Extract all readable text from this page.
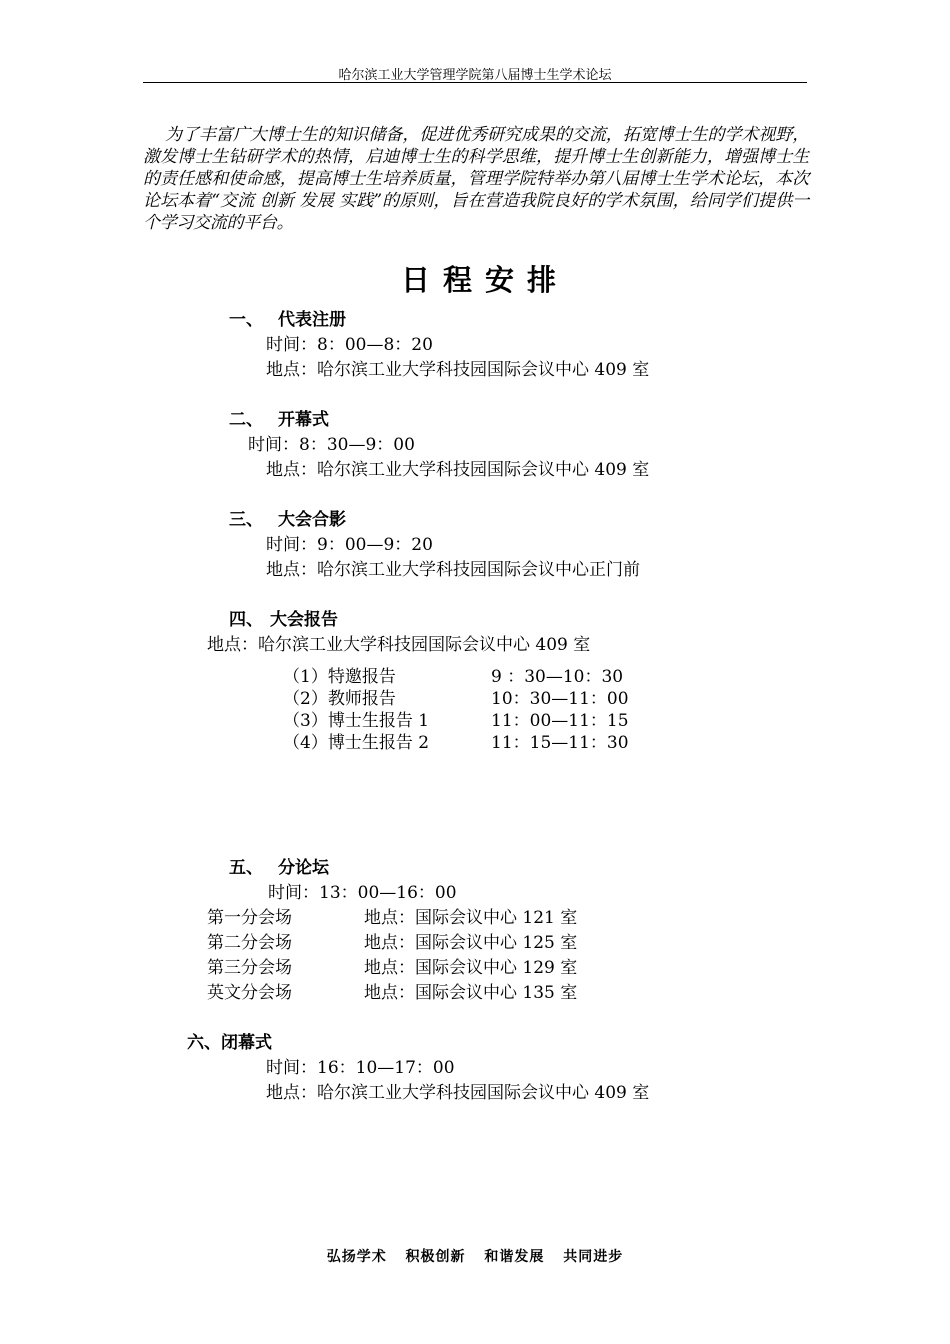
哈尔滨工业大学管理学院第八届博士生学术论坛
为了丰富广大博士生的知识储备，促进优秀研究成果的交流，拓宽博士生的学术视野，激发博士生钻研学术的热情，启迪博士生的科学思维，提升博士生创新能力，增强博士生的责任感和使命感，提高博士生培养质量，管理学院特举办第八届博士生学术论坛，本次论坛本着“交流 创新 发展 实践”的原则，旨在营造我院良好的学术氛围，给同学们提供一个学习交流的平台。
日程安排
一、 代表注册
时间：8：00—8：20
地点：哈尔滨工业大学科技园国际会议中心 409 室
二、 开幕式
时间：8：30—9：00
地点：哈尔滨工业大学科技园国际会议中心 409 室
三、 大会合影
时间：9：00—9：20
地点：哈尔滨工业大学科技园国际会议中心正门前
四、 大会报告
地点：哈尔滨工业大学科技园国际会议中心 409 室
（1）特邀报告	9 ：30—10：30
（2）教师报告	10：30—11：00
（3）博士生报告 1	11：00—11：15
（4）博士生报告 2	11：15—11：30
五、 分论坛
时间：13：00—16：00
第一分会场	地点：国际会议中心 121 室
第二分会场	地点：国际会议中心 125 室
第三分会场	地点：国际会议中心 129 室
英文分会场	地点：国际会议中心 135 室
六、闭幕式
时间：16：10—17：00
地点：哈尔滨工业大学科技园国际会议中心 409 室
弘扬学术  积极创新  和谐发展  共同进步
